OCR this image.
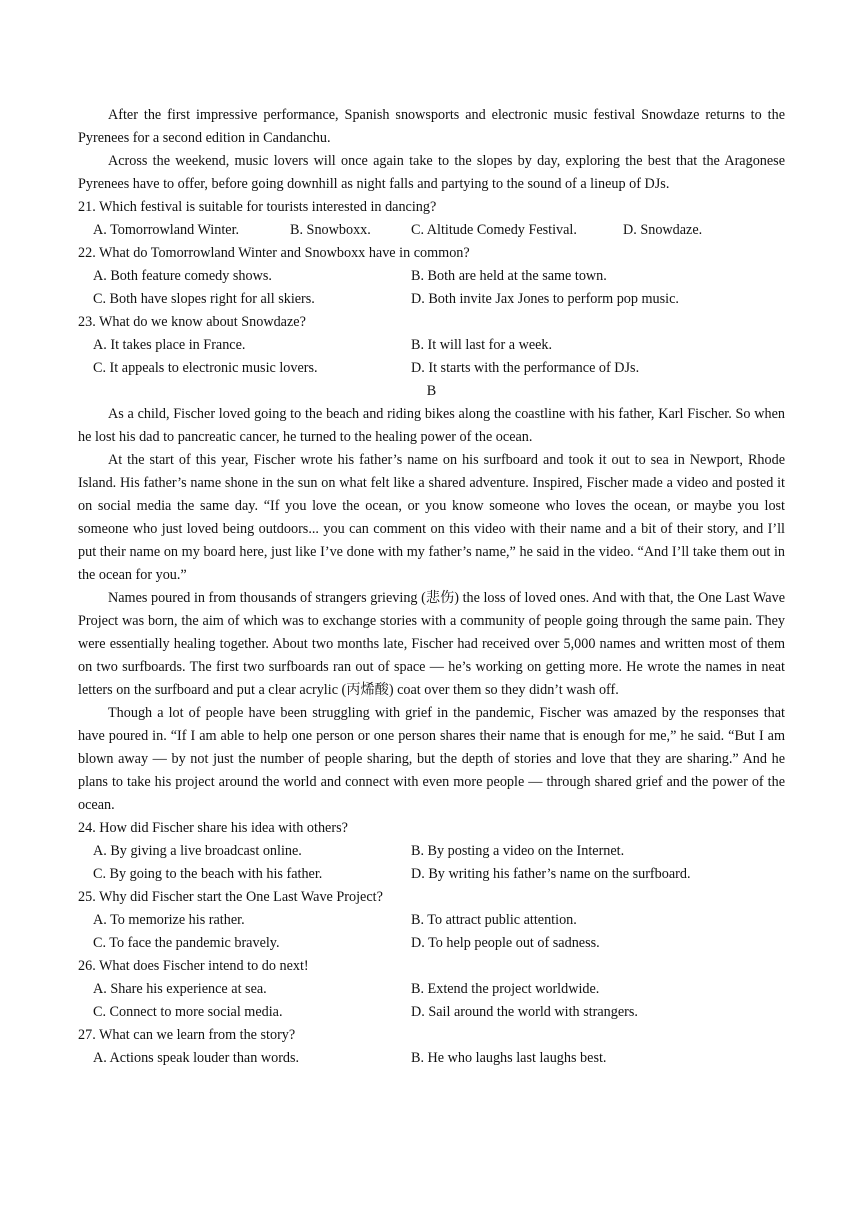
After the first impressive performance, Spanish snowsports and electronic music festival Snowdaze returns to the Pyrenees for a second edition in Candanchu.

Across the weekend, music lovers will once again take to the slopes by day, exploring the best that the Aragonese Pyrenees have to offer, before going downhill as night falls and partying to the sound of a lineup of DJs.

21. Which festival is suitable for tourists interested in dancing?

A. Tomorrowland Winter.	B. Snowboxx.	C. Altitude Comedy Festival.	D. Snowdaze.

22. What do Tomorrowland Winter and Snowboxx have in common?

A. Both feature comedy shows.	B. Both are held at the same town.
C. Both have slopes right for all skiers.	D. Both invite Jax Jones to perform pop music.

23. What do we know about Snowdaze?

A. It takes place in France.	B. It will last for a week.
C. It appeals to electronic music lovers.	D. It starts with the performance of DJs.

B

As a child, Fischer loved going to the beach and riding bikes along the coastline with his father, Karl Fischer. So when he lost his dad to pancreatic cancer, he turned to the healing power of the ocean.

At the start of this year, Fischer wrote his father’s name on his surfboard and took it out to sea in Newport, Rhode Island. His father’s name shone in the sun on what felt like a shared adventure. Inspired, Fischer made a video and posted it on social media the same day. “If you love the ocean, or you know someone who loves the ocean, or maybe you lost someone who just loved being outdoors... you can comment on this video with their name and a bit of their story, and I’ll put their name on my board here, just like I’ve done with my father’s name,” he said in the video. “And I’ll take them out in the ocean for you.”

Names poured in from thousands of strangers grieving (悲伤) the loss of loved ones. And with that, the One Last Wave Project was born, the aim of which was to exchange stories with a community of people going through the same pain. They were essentially healing together. About two months late, Fischer had received over 5,000 names and written most of them on two surfboards. The first two surfboards ran out of space — he’s working on getting more. He wrote the names in neat letters on the surfboard and put a clear acrylic (丙烯酸) coat over them so they didn’t wash off.

Though a lot of people have been struggling with grief in the pandemic, Fischer was amazed by the responses that have poured in. “If I am able to help one person or one person shares their name that is enough for me,” he said. “But I am blown away — by not just the number of people sharing, but the depth of stories and love that they are sharing.” And he plans to take his project around the world and connect with even more people — through shared grief and the power of the ocean.

24. How did Fischer share his idea with others?

A. By giving a live broadcast online.	B. By posting a video on the Internet.
C. By going to the beach with his father.	D. By writing his father’s name on the surfboard.

25. Why did Fischer start the One Last Wave Project?

A. To memorize his rather.	B. To attract public attention.
C. To face the pandemic bravely.	D. To help people out of sadness.

26. What does Fischer intend to do next!

A. Share his experience at sea.	B. Extend the project worldwide.
C. Connect to more social media.	D. Sail around the world with strangers.

27. What can we learn from the story?

A. Actions speak louder than words.	B. He who laughs last laughs best.
